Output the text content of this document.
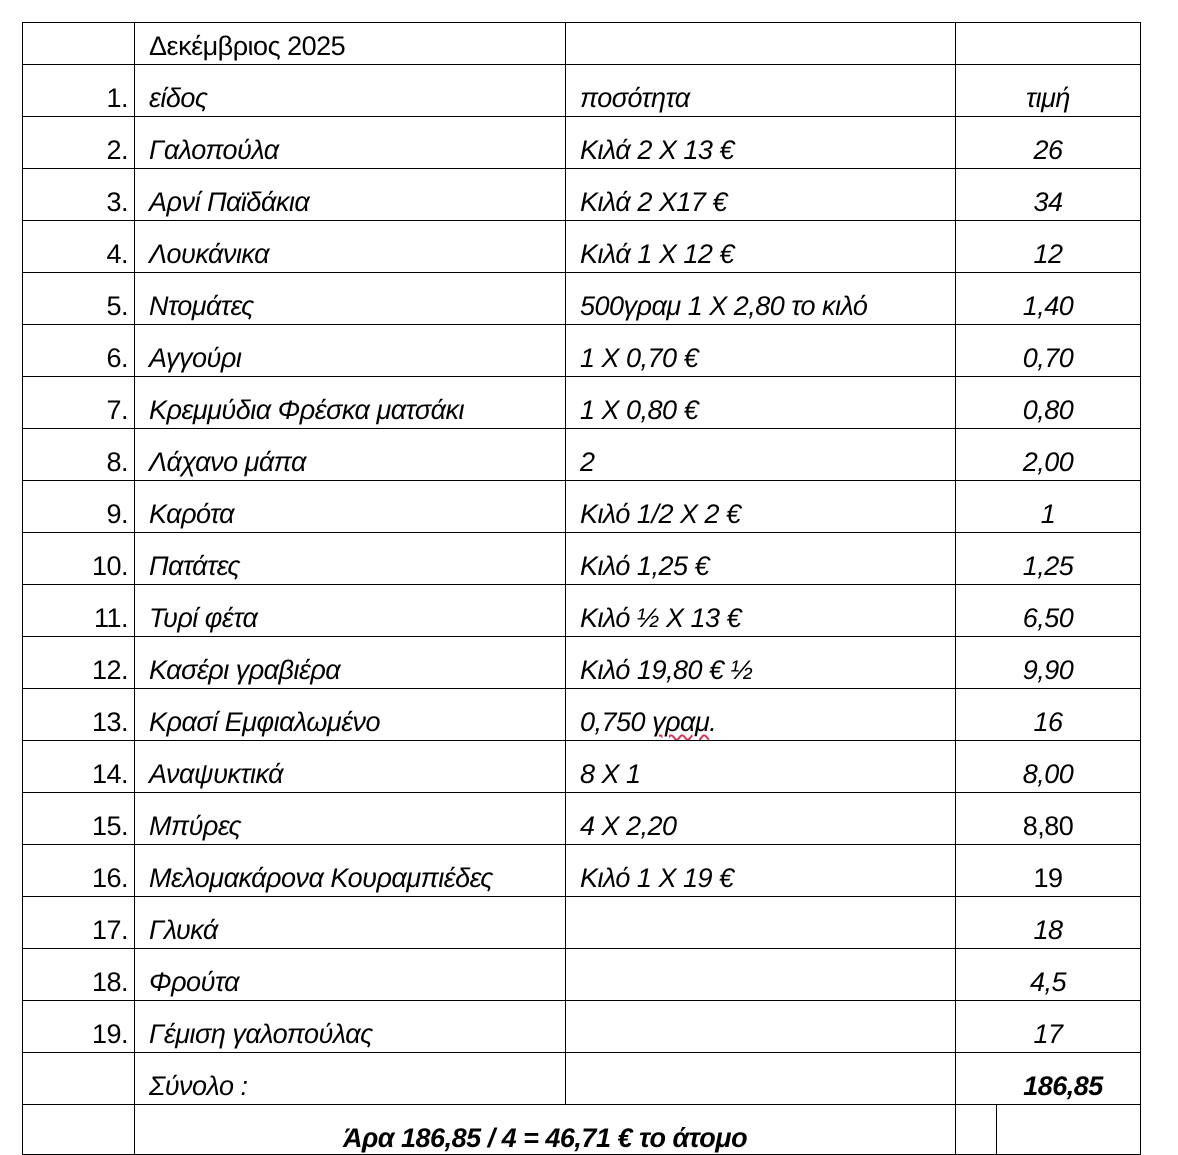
	Δεκέμβριος 2025			
1.	είδος	ποσότητα	τιμή	
2.	Γαλοπούλα	Κιλά 2 Χ 13 €	26	
3.	Αρνί Παϊδάκια	Κιλά 2 Χ17 €	34	
4.	Λουκάνικα	Κιλά 1 Χ 12 €	12	
5.	Ντομάτες	500γραμ 1 Χ 2,80 το κιλό	1,40	
6.	Αγγούρι	1 Χ 0,70 €	0,70	
7.	Κρεμμύδια Φρέσκα ματσάκι	1 Χ 0,80 €	0,80	
8.	Λάχανο μάπα	2	2,00	
9.	Καρότα	Κιλό 1/2 Χ 2 €	1	
10.	Πατάτες	Κιλό 1,25 €	1,25	
11.	Τυρί φέτα	Κιλό ½ Χ 13 €	6,50	
12.	Κασέρι γραβιέρα	Κιλό 19,80 € ½	9,90	
13.	Κρασί Εμφιαλωμένο	0,750 γραμ.	16	
14.	Αναψυκτικά	8 Χ 1	8,00	
15.	Μπύρες	4 Χ 2,20	8,80	
16.	Μελομακάρονα Κουραμπιέδες	Κιλό 1 Χ 19 €	19	
17.	Γλυκά		18	
18.	Φρούτα		4,5	
19.	Γέμιση γαλοπούλας		17	
	Σύνολο :		186,85	
	Άρα 186,85 / 4 = 46,71 € το άτομο			
